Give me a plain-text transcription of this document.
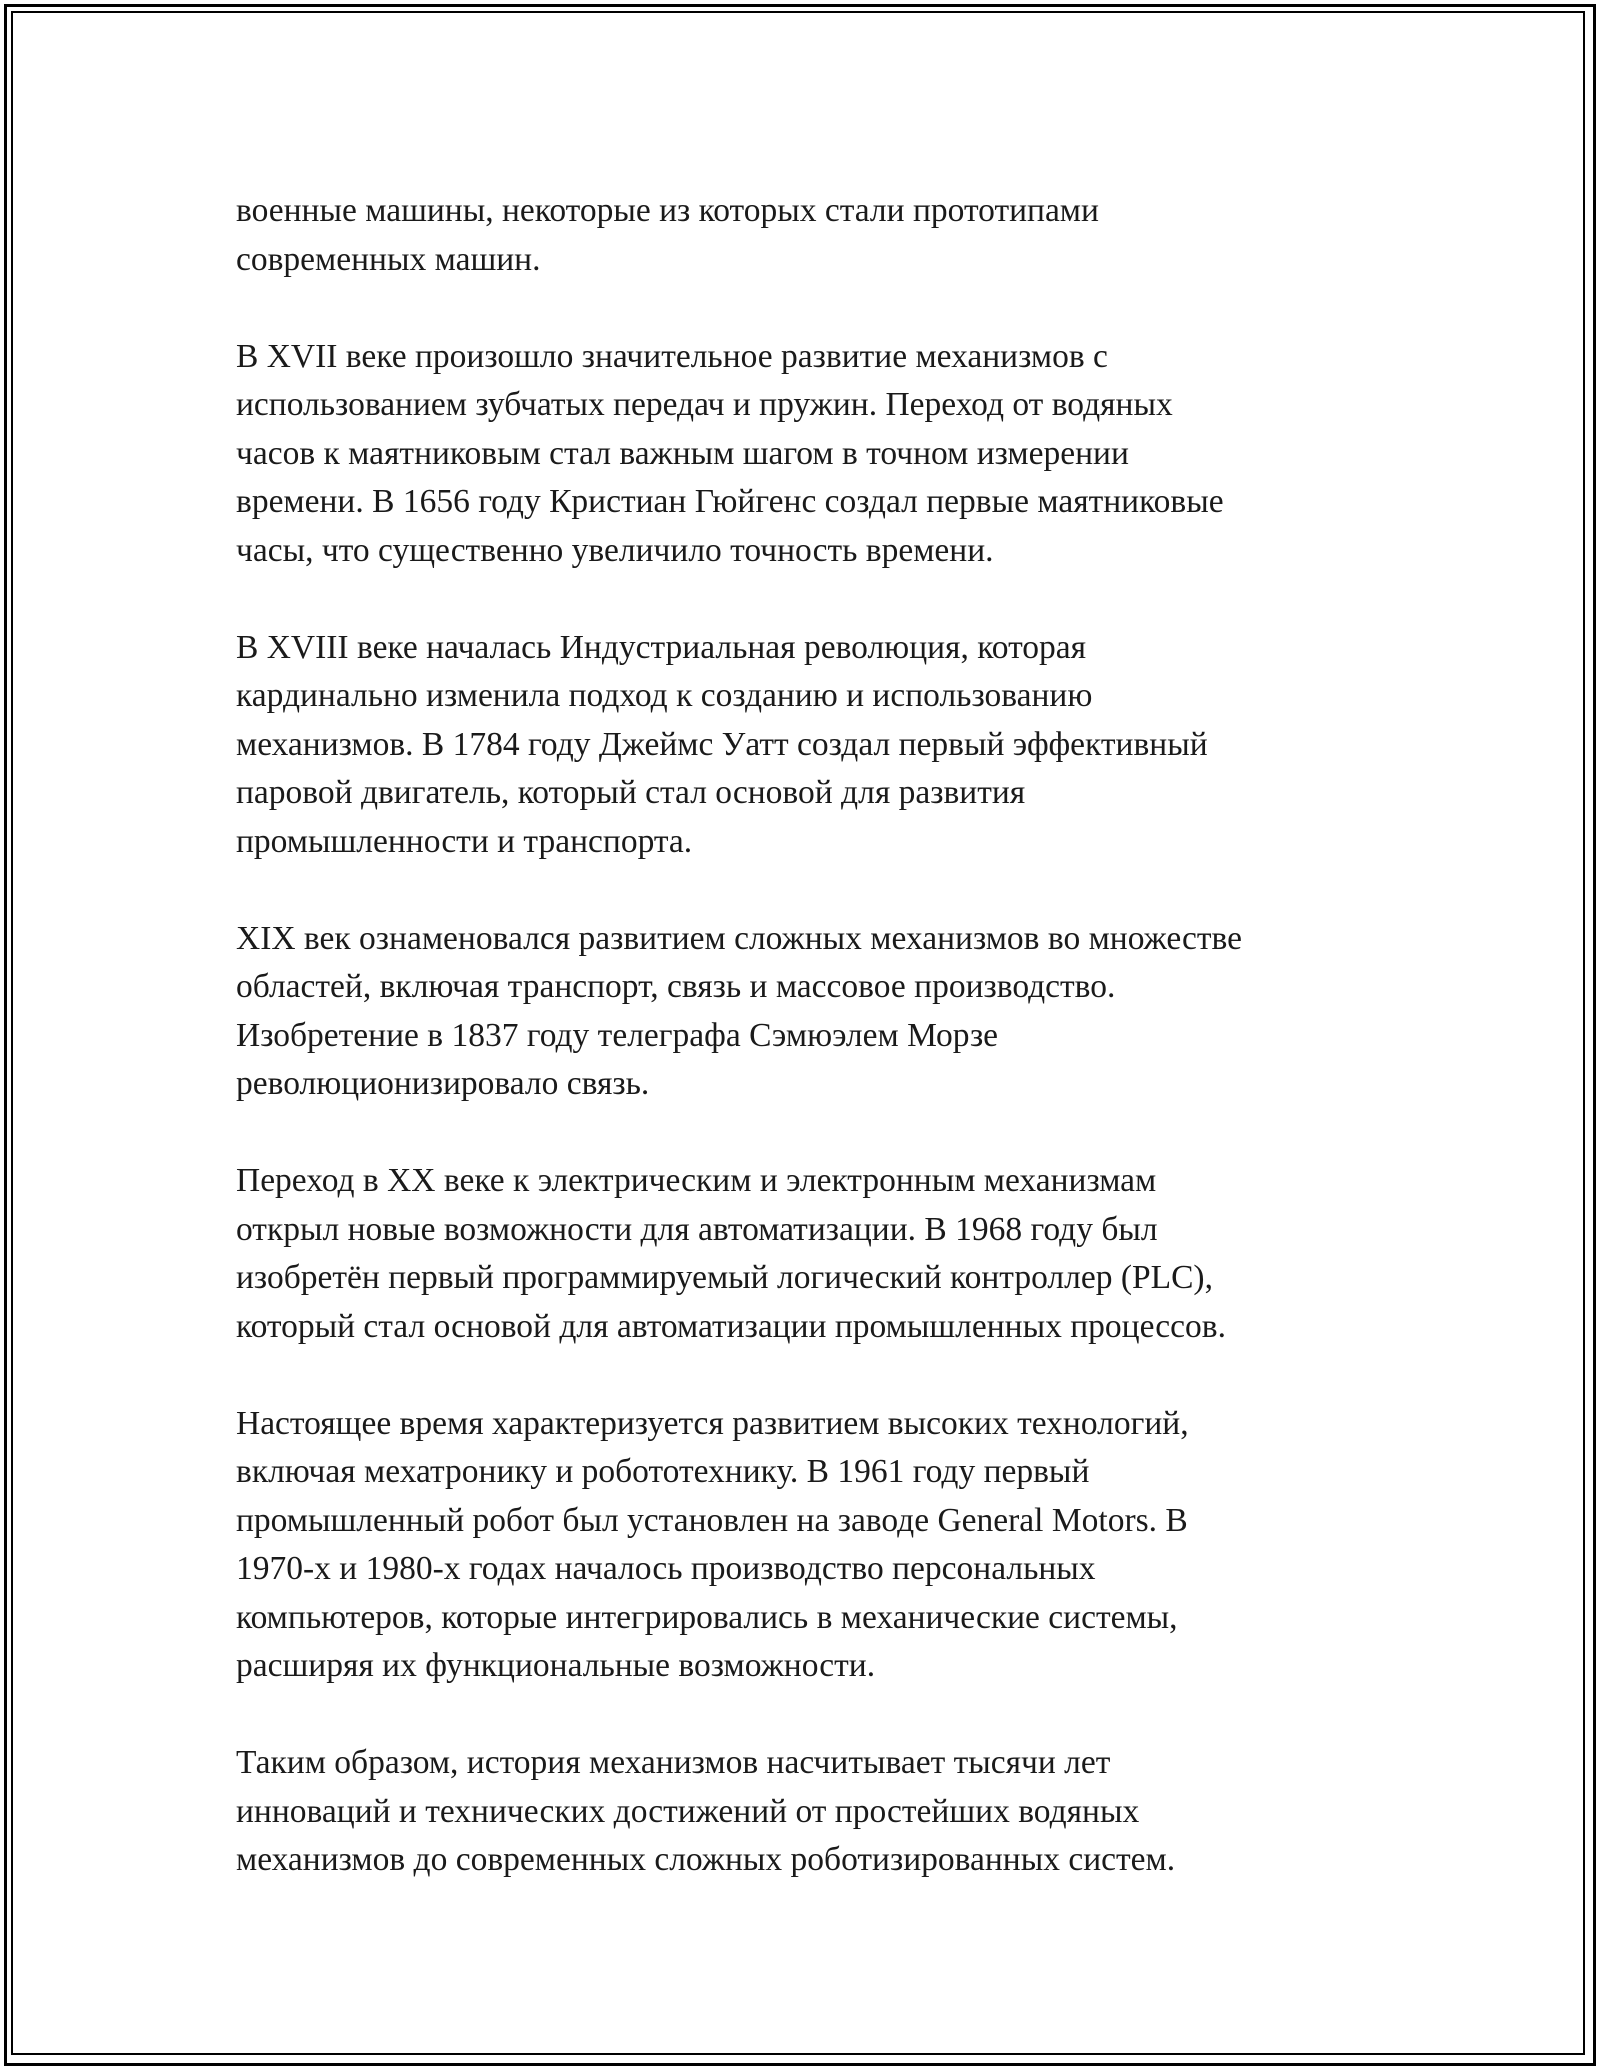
военные машины, некоторые из которых стали прототипами
современных машин.

В XVII веке произошло значительное развитие механизмов с
использованием зубчатых передач и пружин. Переход от водяных
часов к маятниковым стал важным шагом в точном измерении
времени. В 1656 году Кристиан Гюйгенс создал первые маятниковые
часы, что существенно увеличило точность времени.

В XVIII веке началась Индустриальная революция, которая
кардинально изменила подход к созданию и использованию
механизмов. В 1784 году Джеймс Уатт создал первый эффективный
паровой двигатель, который стал основой для развития
промышленности и транспорта.

XIX век ознаменовался развитием сложных механизмов во множестве
областей, включая транспорт, связь и массовое производство.
Изобретение в 1837 году телеграфа Сэмюэлем Морзе
революционизировало связь.

Переход в XX веке к электрическим и электронным механизмам
открыл новые возможности для автоматизации. В 1968 году был
изобретён первый программируемый логический контроллер (PLC),
который стал основой для автоматизации промышленных процессов.

Настоящее время характеризуется развитием высоких технологий,
включая мехатронику и робототехнику. В 1961 году первый
промышленный робот был установлен на заводе General Motors. В
1970-х и 1980-х годах началось производство персональных
компьютеров, которые интегрировались в механические системы,
расширяя их функциональные возможности.

Таким образом, история механизмов насчитывает тысячи лет
инноваций и технических достижений от простейших водяных
механизмов до современных сложных роботизированных систем.
